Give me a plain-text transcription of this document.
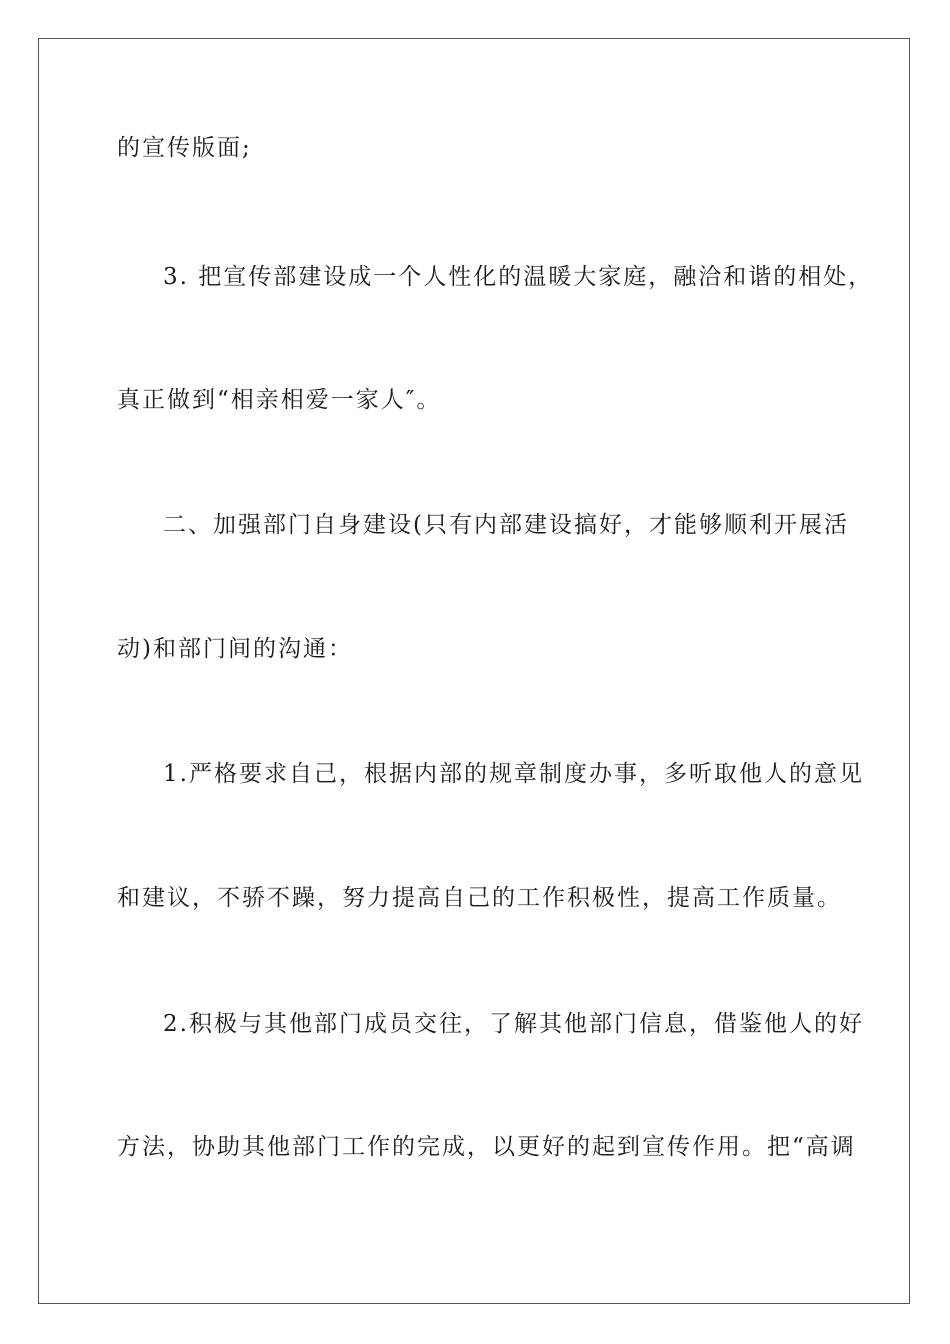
的宣传版面;

3. 把宣传部建设成一个人性化的温暖大家庭，融洽和谐的相处，

真正做到“相亲相爱一家人″。

二、加强部门自身建设(只有内部建设搞好，才能够顺利开展活

动)和部门间的沟通：

1.严格要求自己，根据内部的规章制度办事，多听取他人的意见

和建议，不骄不躁，努力提高自己的工作积极性，提高工作质量。

2.积极与其他部门成员交往，了解其他部门信息，借鉴他人的好

方法，协助其他部门工作的完成，以更好的起到宣传作用。把“高调
